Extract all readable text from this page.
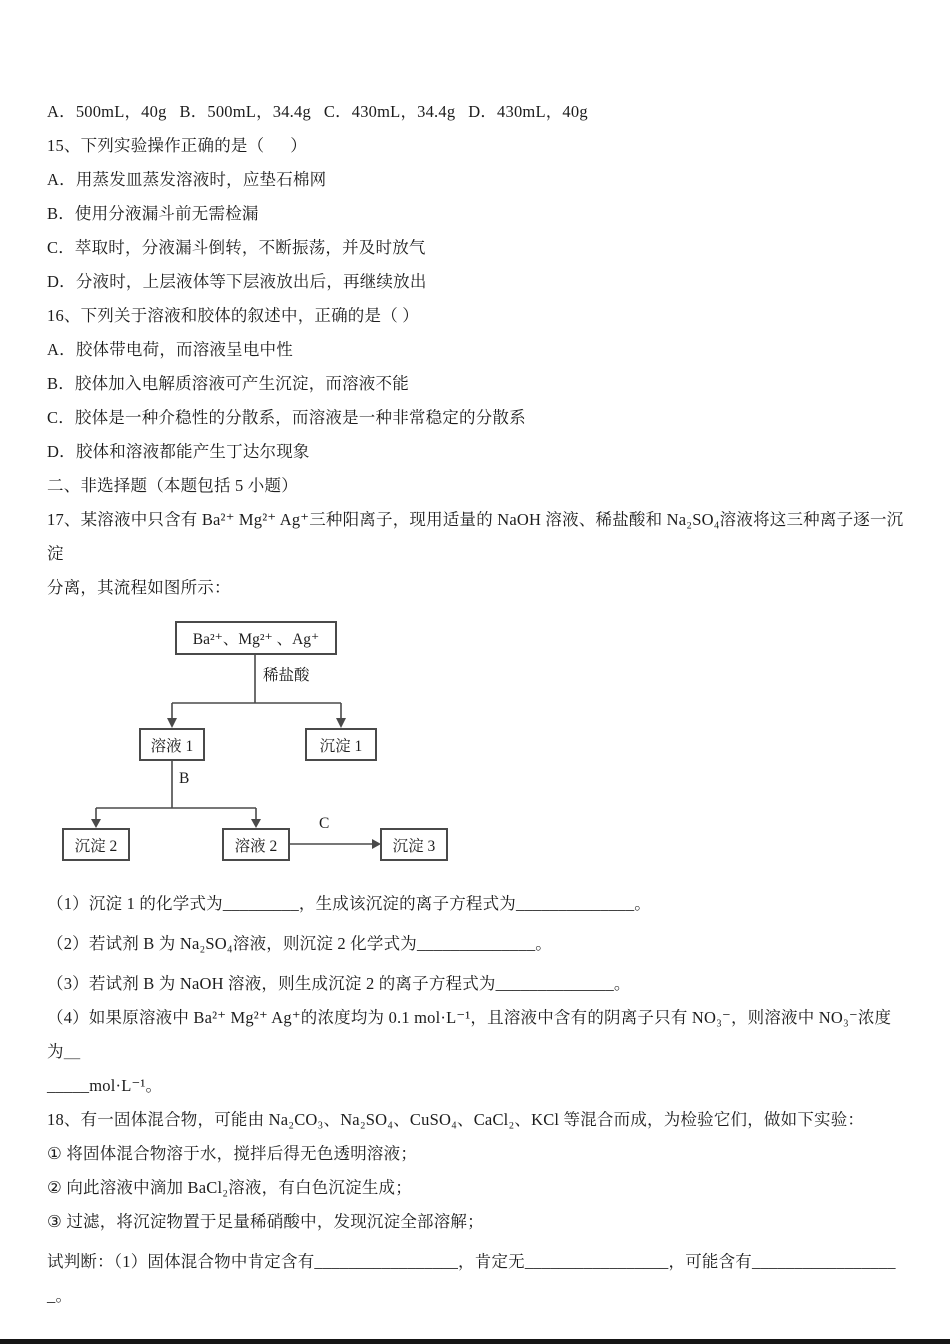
A．500mL，40g   B．500mL，34.4g   C．430mL，34.4g   D．430mL，40g

15、下列实验操作正确的是（      ）

A．用蒸发皿蒸发溶液时，应垫石棉网

B．使用分液漏斗前无需检漏

C．萃取时，分液漏斗倒转，不断振荡，并及时放气

D．分液时，上层液体等下层液放出后，再继续放出

16、下列关于溶液和胶体的叙述中，正确的是（ ）

A．胶体带电荷，而溶液呈电中性

B．胶体加入电解质溶液可产生沉淀，而溶液不能

C．胶体是一种介稳性的分散系，而溶液是一种非常稳定的分散系

D．胶体和溶液都能产生丁达尔现象

二、非选择题（本题包括 5 小题）

17、某溶液中只含有 Ba²⁺ Mg²⁺ Ag⁺三种阳离子，现用适量的 NaOH 溶液、稀盐酸和 Na₂SO₄溶液将这三种离子逐一沉淀

分离，其流程如图所示：

Ba²⁺、Mg²⁺ 、Ag⁺
稀盐酸
溶液 1	沉淀 1
B
沉淀 2	溶液 2
C
沉淀 3

（1）沉淀 1 的化学式为_________，生成该沉淀的离子方程式为______________。

（2）若试剂 B 为 Na₂SO₄溶液，则沉淀 2 化学式为______________。

（3）若试剂 B 为 NaOH 溶液，则生成沉淀 2 的离子方程式为______________。

（4）如果原溶液中 Ba²⁺ Mg²⁺ Ag⁺的浓度均为 0.1 mol·L⁻¹，且溶液中含有的阴离子只有 NO₃⁻，则溶液中 NO₃⁻浓度为＿

_____mol·L⁻¹。

18、有一固体混合物，可能由 Na₂CO₃、Na₂SO₄、CuSO₄、CaCl₂、KCl 等混合而成，为检验它们，做如下实验：

① 将固体混合物溶于水，搅拌后得无色透明溶液；

② 向此溶液中滴加 BaCl₂溶液，有白色沉淀生成；

③ 过滤，将沉淀物置于足量稀硝酸中，发现沉淀全部溶解；

试判断：（1）固体混合物中肯定含有_________________，肯定无_________________，可能含有_________________

_。
